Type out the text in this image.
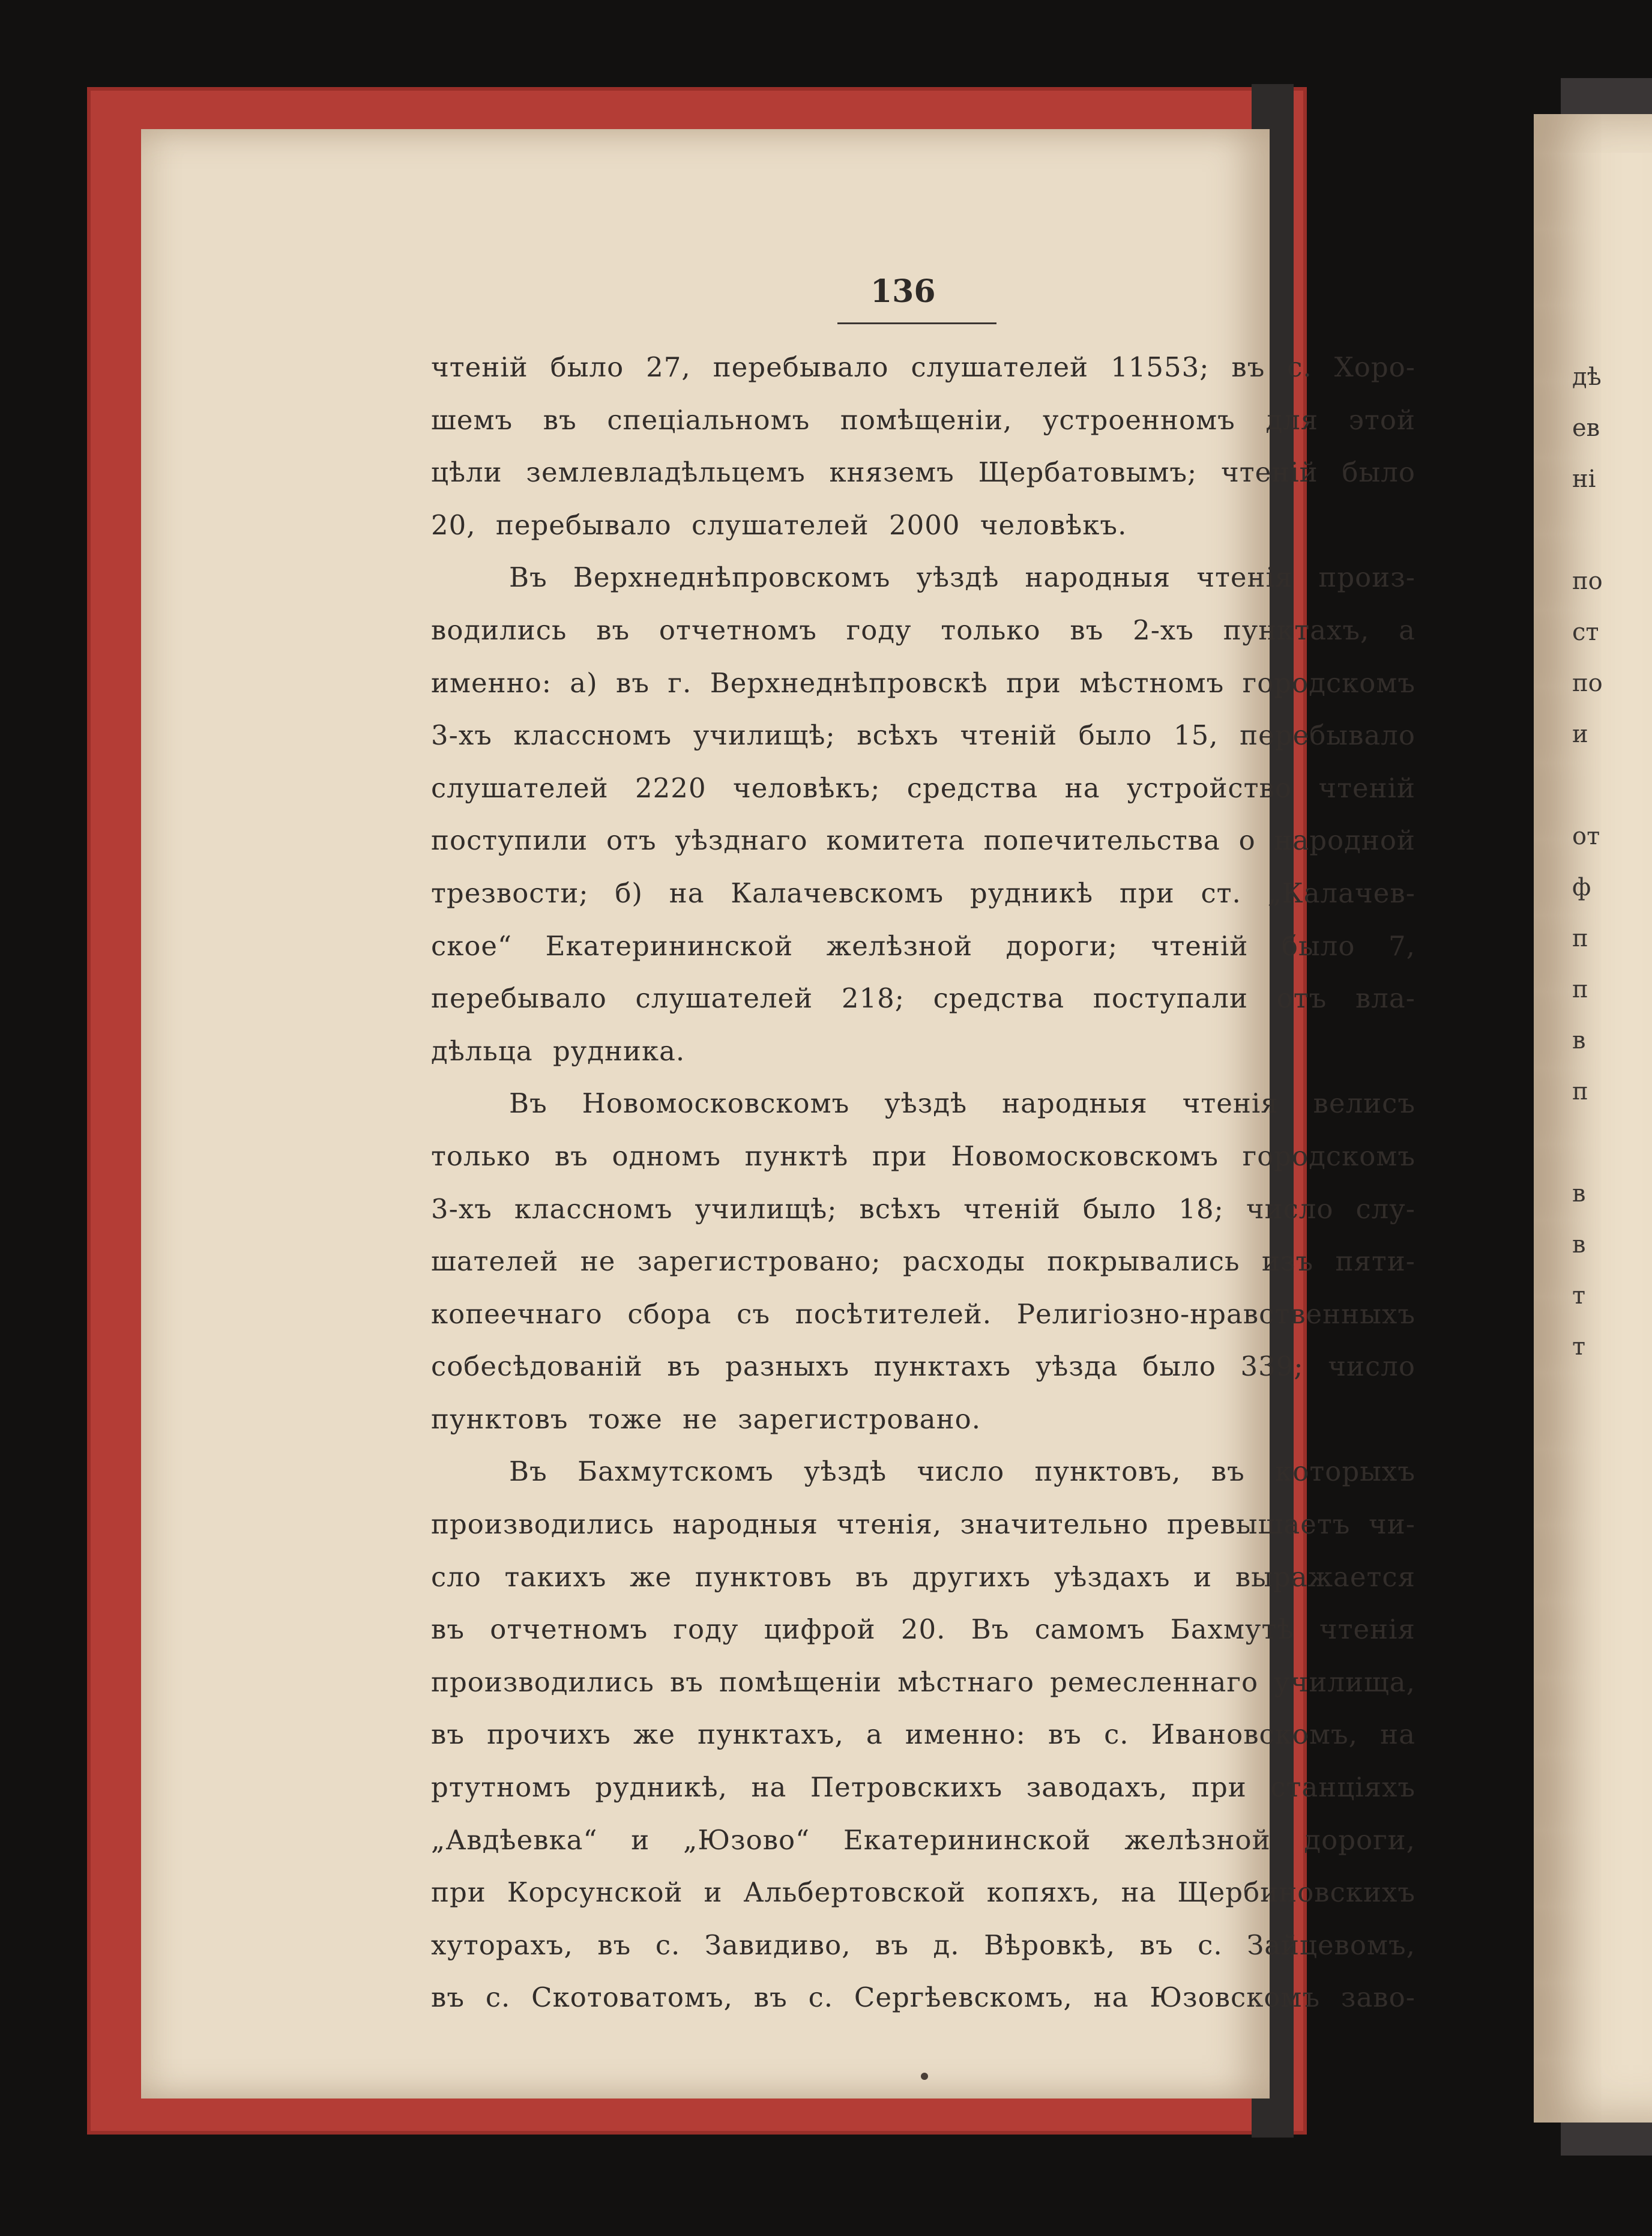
дѣ
ев
ні
по
ст
по
и
от
ф
п
п
в
п
в
в
т
т
136
чтеній было 27, перебывало слушателей 11553; въ с. Хоро-
шемъ въ спеціальномъ помѣщеніи, устроенномъ для этой
цѣли землевладѣльцемъ княземъ Щербатовымъ; чтеній было
20, перебывало слушателей 2000 человѣкъ.
Въ Верхнеднѣпровскомъ уѣздѣ народныя чтенія произ-
водились въ отчетномъ году только въ 2-хъ пунктахъ, а
именно: а) въ г. Верхнеднѣпровскѣ при мѣстномъ городскомъ
3-хъ классномъ училищѣ; всѣхъ чтеній было 15, перебывало
слушателей 2220 человѣкъ; средства на устройство чтеній
поступили отъ уѣзднаго комитета попечительства о народной
трезвости; б) на Калачевскомъ рудникѣ при ст. „Калачев-
ское“ Екатерининской желѣзной дороги; чтеній было 7,
перебывало слушателей 218; средства поступали отъ вла-
дѣльца рудника.
Въ Новомосковскомъ уѣздѣ народныя чтенія велисъ
только въ одномъ пунктѣ при Новомосковскомъ городскомъ
3-хъ классномъ училищѣ; всѣхъ чтеній было 18; число слу-
шателей не зарегистровано; расходы покрывались изъ пяти-
копеечнаго сбора съ посѣтителей. Религіозно-нравственныхъ
собесѣдованій въ разныхъ пунктахъ уѣзда было 339; число
пунктовъ тоже не зарегистровано.
Въ Бахмутскомъ уѣздѣ число пунктовъ, въ которыхъ
производились народныя чтенія, значительно превышаетъ чи-
сло такихъ же пунктовъ въ другихъ уѣздахъ и выражается
въ отчетномъ году цифрой 20. Въ самомъ Бахмутѣ чтенія
производились въ помѣщеніи мѣстнаго ремесленнаго училища,
въ прочихъ же пунктахъ, а именно: въ с. Ивановскомъ, на
ртутномъ рудникѣ, на Петровскихъ заводахъ, при станціяхъ
„Авдѣевка“ и „Юзово“ Екатерининской желѣзной дороги,
при Корсунской и Альбертовской копяхъ, на Щербиновскихъ
хуторахъ, въ с. Завидиво, въ д. Вѣровкѣ, въ с. Зайцевомъ,
въ с. Скотоватомъ, въ с. Сергѣевскомъ, на Юзовскомъ заво-
